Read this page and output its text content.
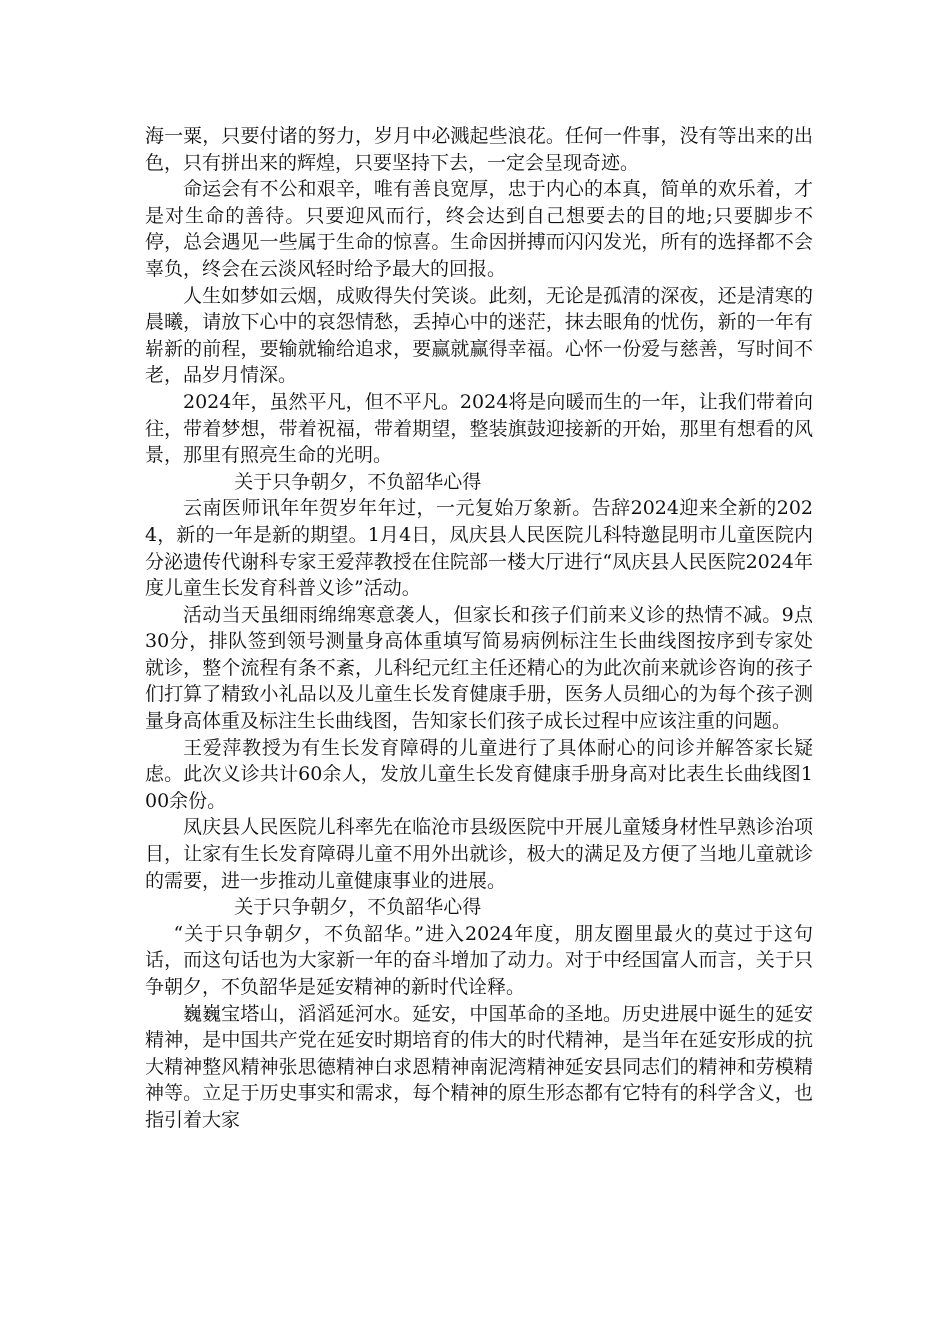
海一粟，只要付诸的努力，岁月中必溅起些浪花。任何一件事，没有等出来的出色，只有拼出来的辉煌，只要坚持下去，一定会呈现奇迹。

命运会有不公和艰辛，唯有善良宽厚，忠于内心的本真，简单的欢乐着，才是对生命的善待。只要迎风而行，终会达到自己想要去的目的地;只要脚步不停，总会遇见一些属于生命的惊喜。生命因拼搏而闪闪发光，所有的选择都不会辜负，终会在云淡风轻时给予最大的回报。

人生如梦如云烟，成败得失付笑谈。此刻，无论是孤清的深夜，还是清寒的晨曦，请放下心中的哀怨情愁，丢掉心中的迷茫，抹去眼角的忧伤，新的一年有崭新的前程，要输就输给追求，要赢就赢得幸福。心怀一份爱与慈善，写时间不老，品岁月情深。

2024年，虽然平凡，但不平凡。2024将是向暖而生的一年，让我们带着向往，带着梦想，带着祝福，带着期望，整装旗鼓迎接新的开始，那里有想看的风景，那里有照亮生命的光明。

关于只争朝夕，不负韶华心得

云南医师讯年年贺岁年年过，一元复始万象新。告辞2024迎来全新的2024，新的一年是新的期望。1月4日，凤庆县人民医院儿科特邀昆明市儿童医院内分泌遗传代谢科专家王爱萍教授在住院部一楼大厅进行“凤庆县人民医院2024年度儿童生长发育科普义诊”活动。

活动当天虽细雨绵绵寒意袭人，但家长和孩子们前来义诊的热情不减。9点30分，排队签到领号测量身高体重填写简易病例标注生长曲线图按序到专家处就诊，整个流程有条不紊，儿科纪元红主任还精心的为此次前来就诊咨询的孩子们打算了精致小礼品以及儿童生长发育健康手册，医务人员细心的为每个孩子测量身高体重及标注生长曲线图，告知家长们孩子成长过程中应该注重的问题。

王爱萍教授为有生长发育障碍的儿童进行了具体耐心的问诊并解答家长疑虑。此次义诊共计60余人，发放儿童生长发育健康手册身高对比表生长曲线图100余份。

凤庆县人民医院儿科率先在临沧市县级医院中开展儿童矮身材性早熟诊治项目，让家有生长发育障碍儿童不用外出就诊，极大的满足及方便了当地儿童就诊的需要，进一步推动儿童健康事业的进展。

关于只争朝夕，不负韶华心得

“关于只争朝夕，不负韶华。”进入2024年度，朋友圈里最火的莫过于这句话，而这句话也为大家新一年的奋斗增加了动力。对于中经国富人而言，关于只争朝夕，不负韶华是延安精神的新时代诠释。

巍巍宝塔山，滔滔延河水。延安，中国革命的圣地。历史进展中诞生的延安精神，是中国共产党在延安时期培育的伟大的时代精神，是当年在延安形成的抗大精神整风精神张思德精神白求恩精神南泥湾精神延安县同志们的精神和劳模精神等。立足于历史事实和需求，每个精神的原生形态都有它特有的科学含义，也指引着大家
